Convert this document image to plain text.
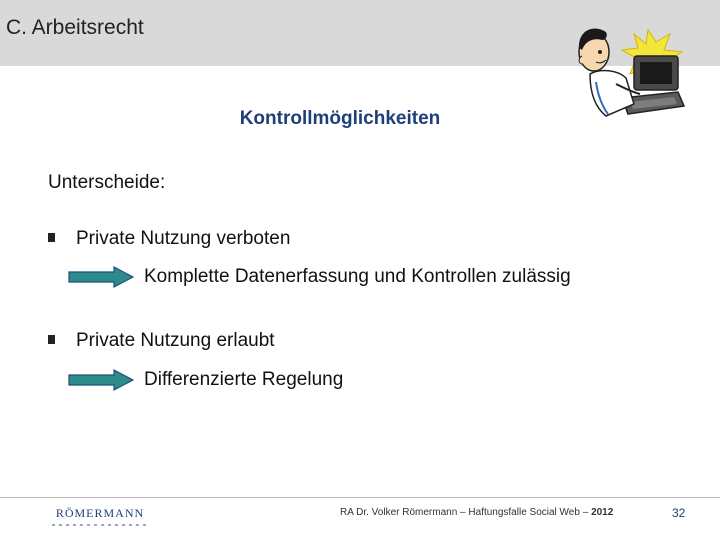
C. Arbeitsrecht
Kontrollmöglichkeiten
Unterscheide:
Private Nutzung verboten
Komplette Datenerfassung und Kontrollen zulässig
Private Nutzung erlaubt
Differenzierte Regelung
RÖMERMANN	RA Dr. Volker Römermann – Haftungsfalle Social Web – 2012	32
